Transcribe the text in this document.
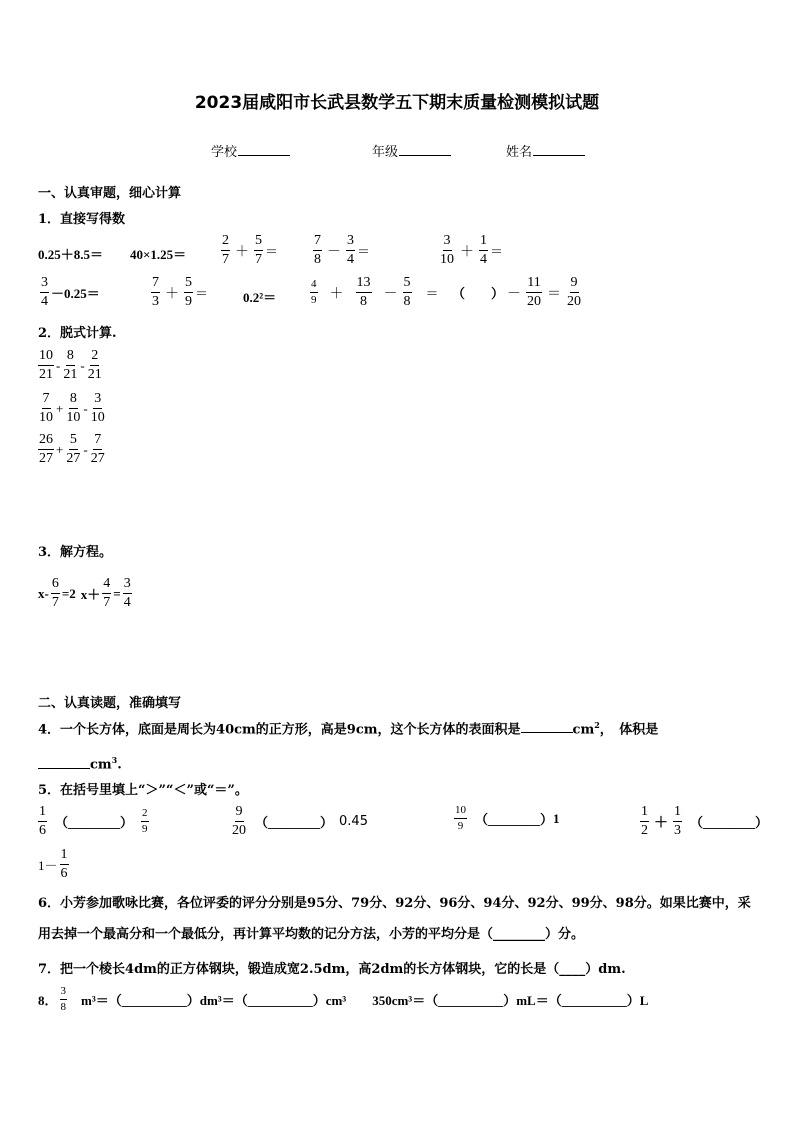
2023届咸阳市长武县数学五下期末质量检测模拟试题
学校	年级	姓名
一、认真审题，细心计算
1．直接写得数
$0.25+8.5= 40\times 1.25= \frac{2}{7} + \frac{5}{7} = \frac{7}{8} - \frac{3}{4}$ ＝	$\frac{3}{10} + \frac{1}{4}$ ＝
$\frac{3}{4} -0.25=$	$\frac{7}{3} + \frac{5}{9}$ ＝	0.2²＝	$\frac{4}{9} + \frac{13}{8} - \frac{5}{8}$ ＝ （　　） － $\frac{11}{20} = \frac{9}{20}$
2．脱式计算.
$\frac{10}{21} - \frac{8}{21} - \frac{2}{21}$
$\frac{7}{10} + \frac{8}{10} - \frac{3}{10}$
$\frac{26}{27} + \frac{5}{27} - \frac{7}{27}$
3．解方程。
$x- \frac{6}{7} =2$ $x+ \frac{4}{7} = \frac{3}{4}$
二、认真读题，准确填写
4．一个长方体，底面是周长为40cm的正方形，高是9cm，这个长方体的表面积是	$cm^2$，　体积是
$cm^3$.
5．在括号里填上“＞”“＜”或“＝”。
$\frac{1}{6}$ （________） $\frac{2}{9}$	$\frac{9}{20}$ （________） 0.45	$\frac{10}{9}$ （________） 1	$\frac{1}{2} + \frac{1}{3}$ （________）
$1- \frac{1}{6}$
6．小芳参加歌咏比赛，各位评委的评分分别是95分、79分、92分、96分、94分、92分、99分、98分。如果比赛中，采用去掉一个最高分和一个最低分，再计算平均数的记分方法，小芳的平均分是（________）分。
7．把一个棱长4dm的正方体钢块，锻造成宽2.5dm，高2dm的长方体钢块，它的长是（____）dm.
8． $\frac{3}{8}$ m³＝（__________）dm³＝（__________）cm³　　350cm³＝（__________）mL＝（__________）L
